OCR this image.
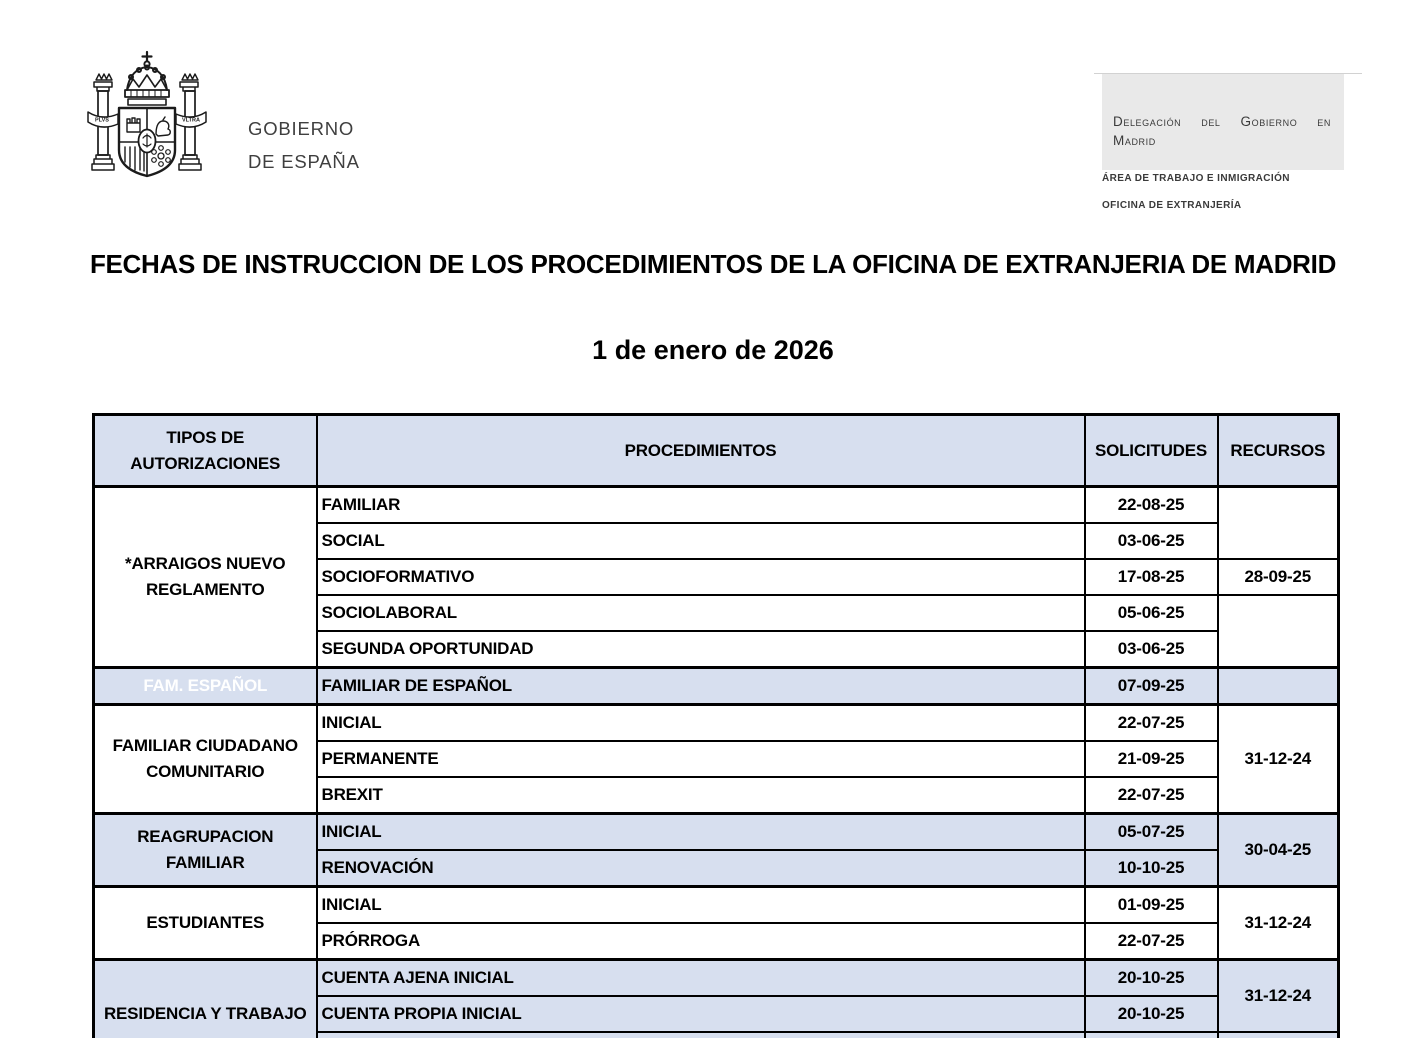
PLVS	VLTRA	GOBIERNO
DE ESPAÑA
Delegación del Gobierno en Madrid
ÁREA DE TRABAJO E INMIGRACIÓN
OFICINA DE EXTRANJERÍA
FECHAS DE INSTRUCCION DE LOS PROCEDIMIENTOS DE LA OFICINA DE EXTRANJERIA DE MADRID
1 de enero de 2026
TIPOS DE
AUTORIZACIONES	PROCEDIMIENTOS	SOLICITUDES	RECURSOS
*ARRAIGOS NUEVO
REGLAMENTO	FAMILIAR	22-08-25	
	SOCIAL	03-06-25	
	SOCIOFORMATIVO	17-08-25	28-09-25
	SOCIOLABORAL	05-06-25	
	SEGUNDA OPORTUNIDAD	03-06-25	
FAM. ESPAÑOL	FAMILIAR DE ESPAÑOL	07-09-25	
FAMILIAR CIUDADANO
COMUNITARIO	INICIAL	22-07-25	31-12-24
	PERMANENTE	21-09-25	
	BREXIT	22-07-25	
REAGRUPACION
FAMILIAR	INICIAL	05-07-25	30-04-25
	RENOVACIÓN	10-10-25	
ESTUDIANTES	INICIAL	01-09-25	31-12-24
	PRÓRROGA	22-07-25	
RESIDENCIA Y TRABAJO	CUENTA AJENA INICIAL	20-10-25	31-12-24
	CUENTA PROPIA INICIAL	20-10-25	
